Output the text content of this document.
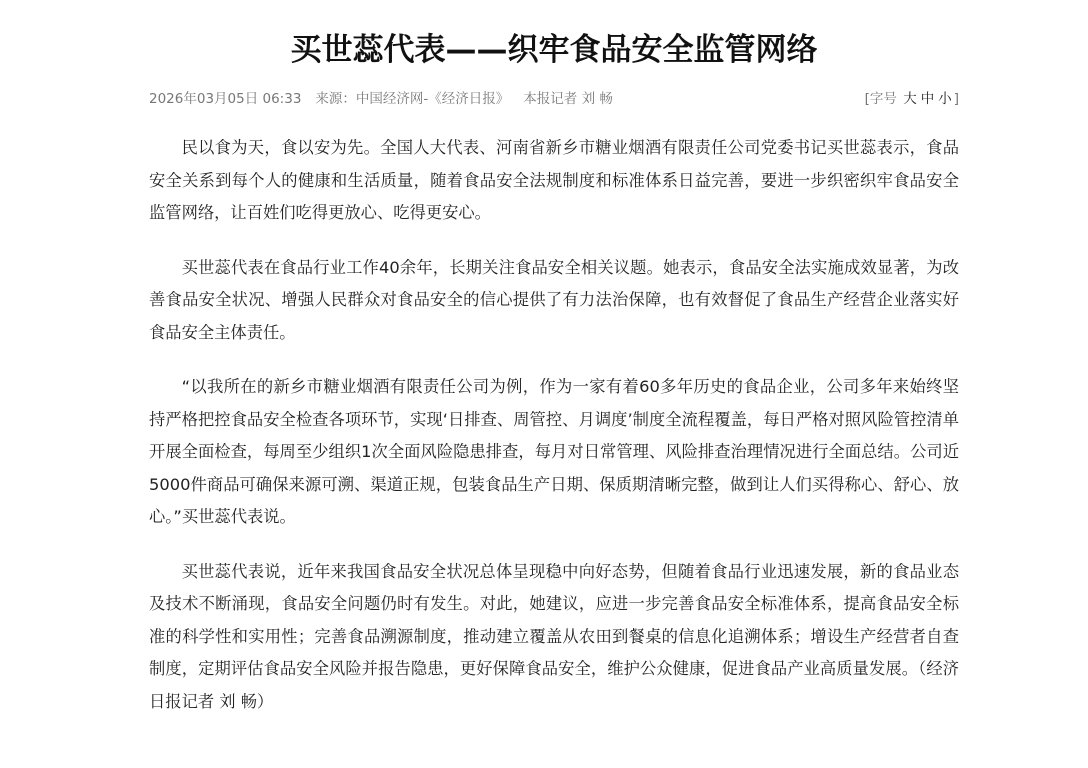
买世蕊代表——织牢食品安全监管网络
2026年03月05日 06:33 来源：中国经济网-《经济日报》 本报记者 刘 畅	[字号 大 中 小 ]

民以食为天，食以安为先。全国人大代表、河南省新乡市糖业烟酒有限责任公司党委书记买世蕊表示，食品安全关系到每个人的健康和生活质量，随着食品安全法规制度和标准体系日益完善，要进一步织密织牢食品安全监管网络，让百姓们吃得更放心、吃得更安心。

买世蕊代表在食品行业工作40余年，长期关注食品安全相关议题。她表示，食品安全法实施成效显著，为改善食品安全状况、增强人民群众对食品安全的信心提供了有力法治保障，也有效督促了食品生产经营企业落实好食品安全主体责任。

“以我所在的新乡市糖业烟酒有限责任公司为例，作为一家有着60多年历史的食品企业，公司多年来始终坚持严格把控食品安全检查各项环节，实现‘日排查、周管控、月调度’制度全流程覆盖，每日严格对照风险管控清单开展全面检查，每周至少组织1次全面风险隐患排查，每月对日常管理、风险排查治理情况进行全面总结。公司近5000件商品可确保来源可溯、渠道正规，包装食品生产日期、保质期清晰完整，做到让人们买得称心、舒心、放心。”买世蕊代表说。

买世蕊代表说，近年来我国食品安全状况总体呈现稳中向好态势，但随着食品行业迅速发展，新的食品业态及技术不断涌现，食品安全问题仍时有发生。对此，她建议，应进一步完善食品安全标准体系，提高食品安全标准的科学性和实用性；完善食品溯源制度，推动建立覆盖从农田到餐桌的信息化追溯体系；增设生产经营者自查制度，定期评估食品安全风险并报告隐患，更好保障食品安全，维护公众健康，促进食品产业高质量发展。（经济日报记者 刘 畅）
